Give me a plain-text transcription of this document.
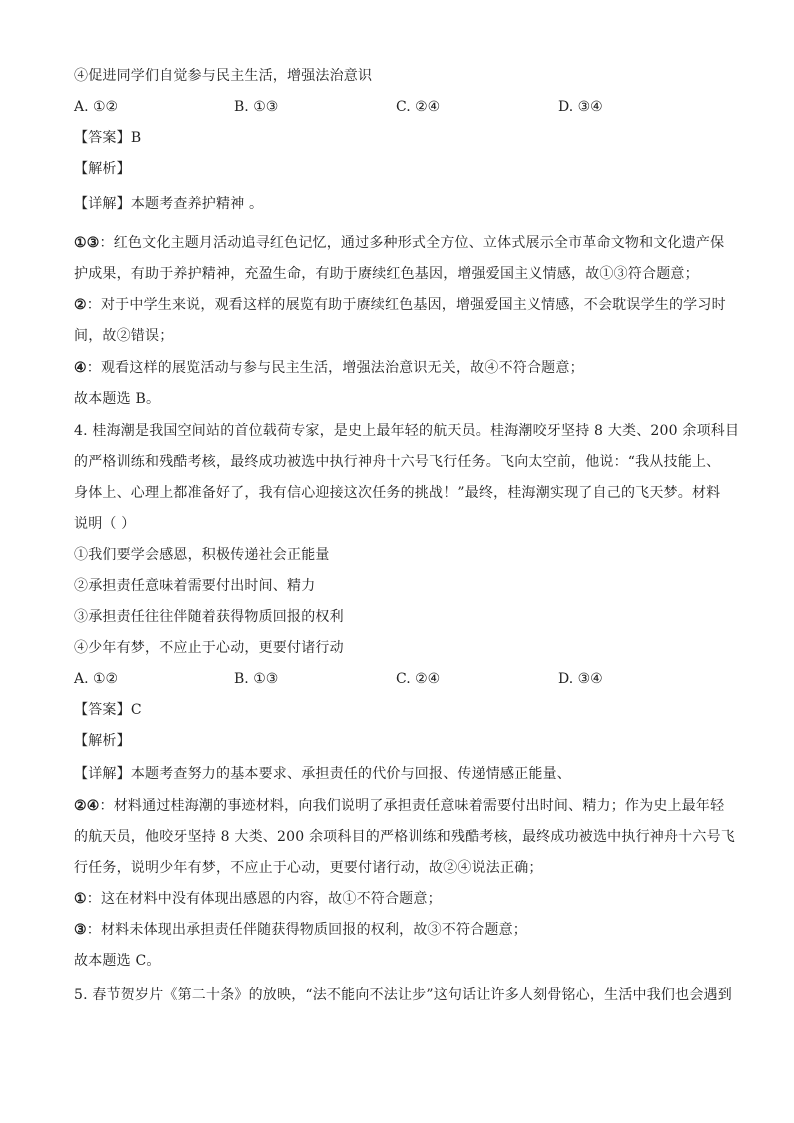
④促进同学们自觉参与民主生活，增强法治意识
A. ①②	B. ①③	C. ②④	D. ③④
【答案】B
【解析】
【详解】本题考查养护精神 。
①③：红色文化主题月活动追寻红色记忆，通过多种形式全方位、立体式展示全市革命文物和文化遗产保
护成果，有助于养护精神，充盈生命，有助于赓续红色基因，增强爱国主义情感，故①③符合题意；
②：对于中学生来说，观看这样的展览有助于赓续红色基因，增强爱国主义情感，不会耽误学生的学习时
间，故②错误；
④：观看这样的展览活动与参与民主生活，增强法治意识无关，故④不符合题意；
故本题选 B。
4. 桂海潮是我国空间站的首位载荷专家，是史上最年轻的航天员。桂海潮咬牙坚持 8 大类、200 余项科目
的严格训练和残酷考核，最终成功被选中执行神舟十六号飞行任务。飞向太空前，他说：“我从技能上、
身体上、心理上都准备好了，我有信心迎接这次任务的挑战！”最终，桂海潮实现了自己的飞天梦。材料
说明（ ）
①我们要学会感恩，积极传递社会正能量
②承担责任意味着需要付出时间、精力
③承担责任往往伴随着获得物质回报的权利
④少年有梦，不应止于心动，更要付诸行动
A. ①②	B. ①③	C. ②④	D. ③④
【答案】C
【解析】
【详解】本题考查努力的基本要求、承担责任的代价与回报、传递情感正能量、
②④：材料通过桂海潮的事迹材料，向我们说明了承担责任意味着需要付出时间、精力；作为史上最年轻
的航天员，他咬牙坚持 8 大类、200 余项科目的严格训练和残酷考核，最终成功被选中执行神舟十六号飞
行任务，说明少年有梦，不应止于心动，更要付诸行动，故②④说法正确；
①：这在材料中没有体现出感恩的内容，故①不符合题意；
③：材料未体现出承担责任伴随获得物质回报的权利，故③不符合题意；
故本题选 C。
5. 春节贺岁片《第二十条》的放映，“法不能向不法让步”这句话让许多人刻骨铭心，生活中我们也会遇到
